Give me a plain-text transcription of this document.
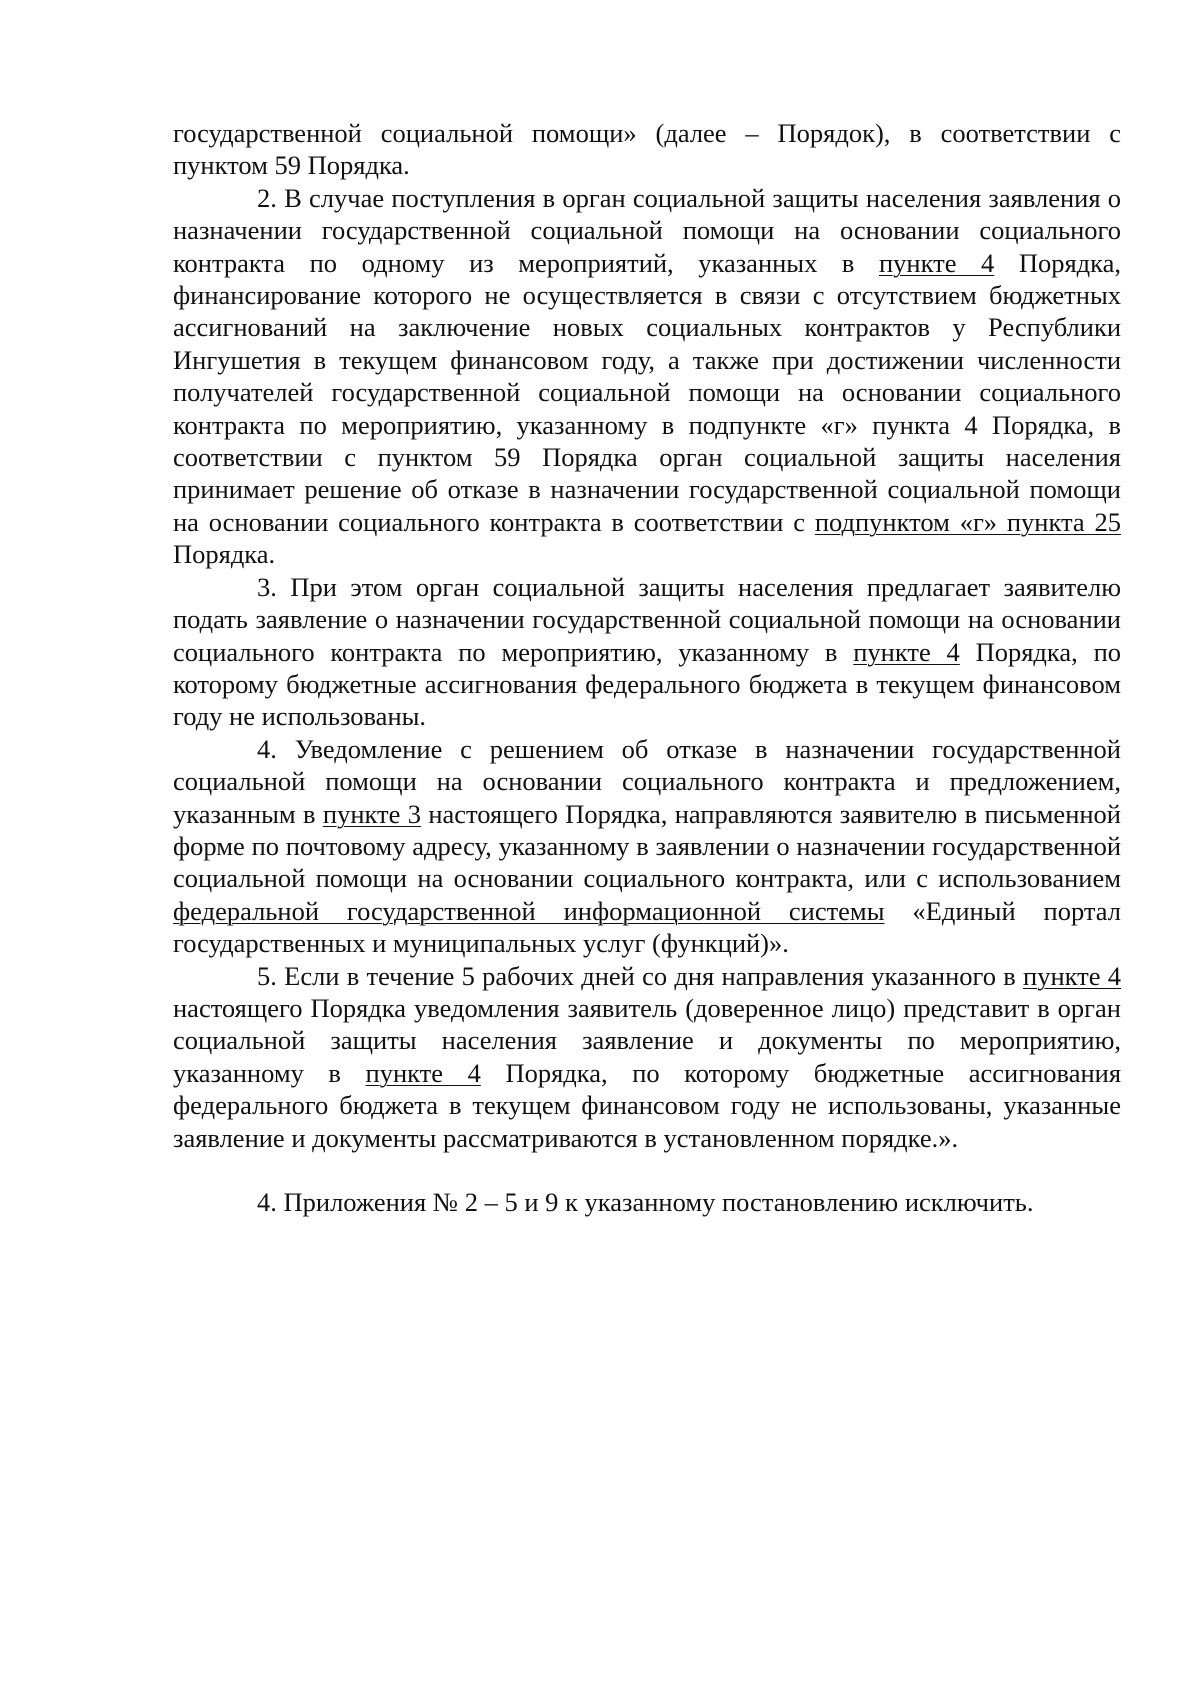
государственной социальной помощи» (далее – Порядок), в соответствии с пунктом 59 Порядка.

2. В случае поступления в орган социальной защиты населения заявления о назначении государственной социальной помощи на основании социального контракта по одному из мероприятий, указанных в пункте 4 Порядка, финансирование которого не осуществляется в связи с отсутствием бюджетных ассигнований на заключение новых социальных контрактов у Республики Ингушетия в текущем финансовом году, а также при достижении численности получателей государственной социальной помощи на основании социального контракта по мероприятию, указанному в подпункте «г» пункта 4 Порядка, в соответствии с пунктом 59 Порядка орган социальной защиты населения принимает решение об отказе в назначении государственной социальной помощи на основании социального контракта в соответствии с подпунктом «г» пункта 25 Порядка.

3. При этом орган социальной защиты населения предлагает заявителю подать заявление о назначении государственной социальной помощи на основании социального контракта по мероприятию, указанному в пункте 4 Порядка, по которому бюджетные ассигнования федерального бюджета в текущем финансовом году не использованы.

4. Уведомление с решением об отказе в назначении государственной социальной помощи на основании социального контракта и предложением, указанным в пункте 3 настоящего Порядка, направляются заявителю в письменной форме по почтовому адресу, указанному в заявлении о назначении государственной социальной помощи на основании социального контракта, или с использованием федеральной государственной информационной системы «Единый портал государственных и муниципальных услуг (функций)».

5. Если в течение 5 рабочих дней со дня направления указанного в пункте 4 настоящего Порядка уведомления заявитель (доверенное лицо) представит в орган социальной защиты населения заявление и документы по мероприятию, указанному в пункте 4 Порядка, по которому бюджетные ассигнования федерального бюджета в текущем финансовом году не использованы, указанные заявление и документы рассматриваются в установленном порядке.».

4. Приложения № 2 – 5 и 9 к указанному постановлению исключить.
